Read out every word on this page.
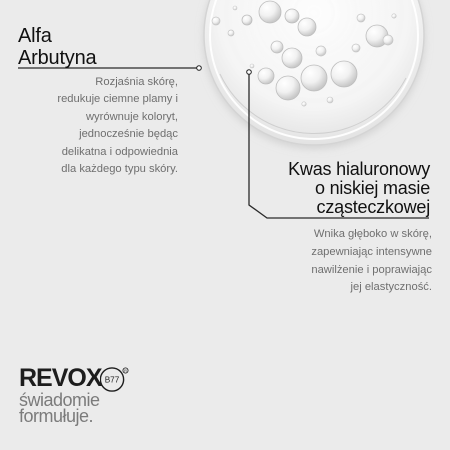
Alfa
Arbutyna
Rozjaśnia skórę,
redukuje ciemne plamy i
wyrównuje koloryt,
jednocześnie będąc
delikatna i odpowiednia
dla każdego typu skóry.	Kwas hialuronowy
o niskiej masie
cząsteczkowej
Wnika głęboko w skórę,
zapewniając intensywne
nawilżenie i poprawiając
jej elastyczność.
REVOX	R
B77
świadomie
formułuje.
